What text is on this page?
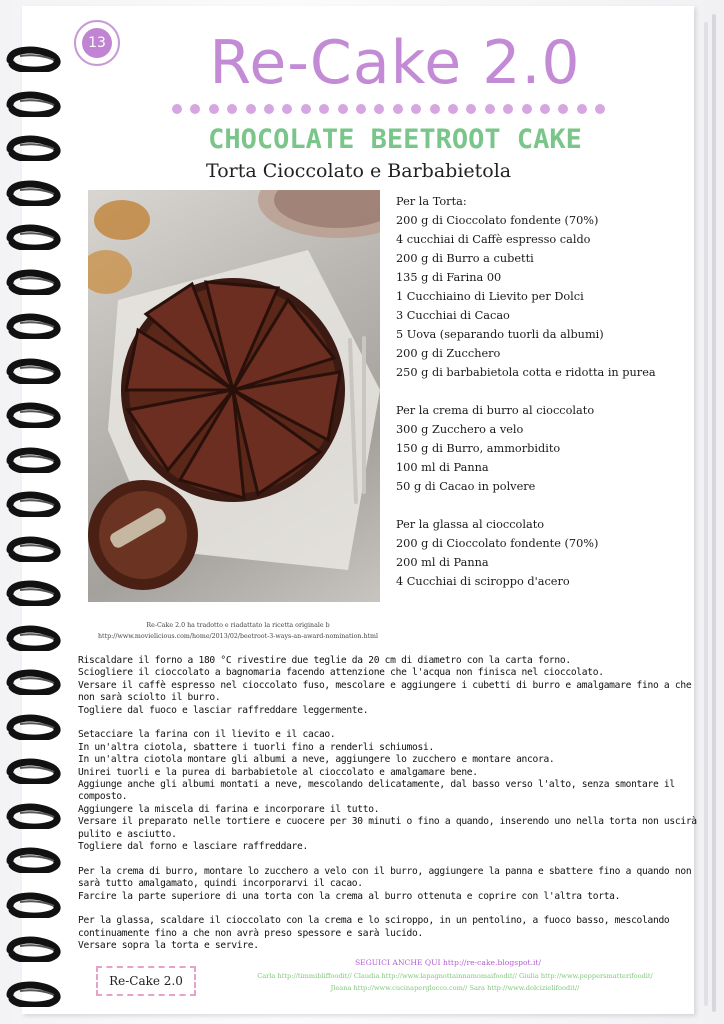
13	Re-Cake 2.0
CHOCOLATE BEETROOT CAKE
Torta Cioccolato e Barbabietola
Per la Torta:
200 g di Cioccolato fondente (70%)
4 cucchiai di Caffè espresso caldo
200 g di Burro a cubetti
135 g di Farina 00
1 Cucchiaino di Lievito per Dolci
3 Cucchiai di Cacao
5 Uova (separando tuorli da albumi)
200 g di Zucchero
250 g di barbabietola cotta e ridotta in purea
Per la crema di burro al cioccolato
300 g Zucchero a velo
150 g di Burro, ammorbidito
100 ml di Panna
50 g di Cacao in polvere
Per la glassa al cioccolato
200 g di Cioccolato fondente (70%)
200 ml di Panna
4 Cucchiai di sciroppo d'acero
Re-Cake 2.0 ha tradotto e riadattato la ricetta originale b
http://www.movielicious.com/home/2013/02/beetroot-3-ways-an-award-nomination.html
Riscaldare il forno a 180 °C rivestire due teglie da 20 cm di diametro con la carta forno.
Sciogliere il cioccolato a bagnomaria facendo attenzione che l'acqua non finisca nel cioccolato.
Versare il caffè espresso nel cioccolato fuso, mescolare e aggiungere i cubetti di burro e amalgamare fino a che
non sarà sciolto il burro.
Togliere dal fuoco e lasciar raffreddare leggermente.
Setacciare la farina con il lievito e il cacao.
In un'altra ciotola, sbattere i tuorli fino a renderli schiumosi.
In un'altra ciotola montare gli albumi a neve, aggiungere lo zucchero e montare ancora.
Unirei tuorli e la purea di barbabietole al cioccolato e amalgamare bene.
Aggiunge anche gli albumi montati a neve, mescolando delicatamente, dal basso verso l'alto, senza smontare il
composto.
Aggiungere la miscela di farina e incorporare il tutto.
Versare il preparato nelle tortiere e cuocere per 30 minuti o fino a quando, inserendo uno nella torta non uscirà
pulito e asciutto.
Togliere dal forno e lasciare raffreddare.
Per la crema di burro, montare lo zucchero a velo con il burro, aggiungere la panna e sbattere fino a quando non
sarà tutto amalgamato, quindi incorporarvi il cacao.
Farcire la parte superiore di una torta con la crema al burro ottenuta e coprire con l'altra torta.
Per la glassa, scaldare il cioccolato con la crema e lo sciroppo, in un pentolino, a fuoco basso, mescolando
continuamente fino a che non avrà preso spessore e sarà lucido.
Versare sopra la torta e servire.
SEGUICI ANCHE QUI http://re-cake.blogspot.it/
Carla http://timmibliffoodit// Claudia http://www.lapagnottainnamomaifoodit// Giulia http://www.peppersmatterifoodit/
Jleana http://www.cucinaperglocco.com// Sara http://www.dolcizielifoodit//
Re-Cake 2.0
